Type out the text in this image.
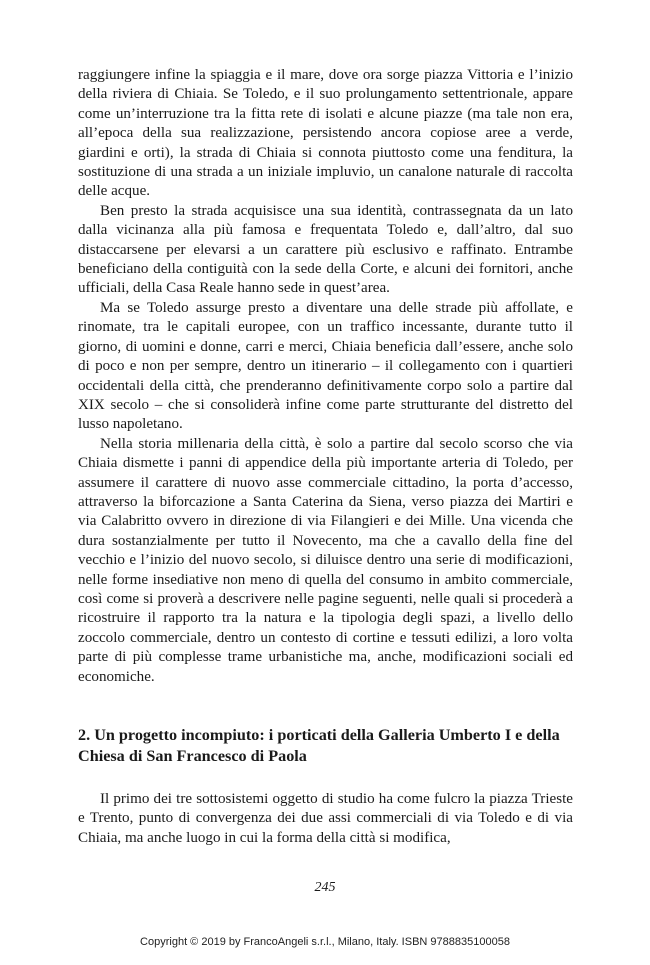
raggiungere infine la spiaggia e il mare, dove ora sorge piazza Vittoria e l’inizio della riviera di Chiaia. Se Toledo, e il suo prolungamento settentrionale, appare come un’interruzione tra la fitta rete di isolati e alcune piazze (ma tale non era, all’epoca della sua realizzazione, persistendo ancora copiose aree a verde, giardini e orti), la strada di Chiaia si connota piuttosto come una fenditura, la sostituzione di una strada a un iniziale impluvio, un canalone naturale di raccolta delle acque.

Ben presto la strada acquisisce una sua identità, contrassegnata da un lato dalla vicinanza alla più famosa e frequentata Toledo e, dall’altro, dal suo distaccarsene per elevarsi a un carattere più esclusivo e raffinato. Entrambe beneficiano della contiguità con la sede della Corte, e alcuni dei fornitori, anche ufficiali, della Casa Reale hanno sede in quest’area.

Ma se Toledo assurge presto a diventare una delle strade più affollate, e rinomate, tra le capitali europee, con un traffico incessante, durante tutto il giorno, di uomini e donne, carri e merci, Chiaia beneficia dall’essere, anche solo di poco e non per sempre, dentro un itinerario – il collegamento con i quartieri occidentali della città, che prenderanno definitivamente corpo solo a partire dal XIX secolo – che si consoliderà infine come parte strutturante del distretto del lusso napoletano.

Nella storia millenaria della città, è solo a partire dal secolo scorso che via Chiaia dismette i panni di appendice della più importante arteria di Toledo, per assumere il carattere di nuovo asse commerciale cittadino, la porta d’accesso, attraverso la biforcazione a Santa Caterina da Siena, verso piazza dei Martiri e via Calabritto ovvero in direzione di via Filangieri e dei Mille. Una vicenda che dura sostanzialmente per tutto il Novecento, ma che a cavallo della fine del vecchio e l’inizio del nuovo secolo, si diluisce dentro una serie di modificazioni, nelle forme insediative non meno di quella del consumo in ambito commerciale, così come si proverà a descrivere nelle pagine seguenti, nelle quali si procederà a ricostruire il rapporto tra la natura e la tipologia degli spazi, a livello dello zoccolo commerciale, dentro un contesto di cortine e tessuti edilizi, a loro volta parte di più complesse trame urbanistiche ma, anche, modificazioni sociali ed economiche.

2. Un progetto incompiuto: i porticati della Galleria Umberto I e della Chiesa di San Francesco di Paola

Il primo dei tre sottosistemi oggetto di studio ha come fulcro la piazza Trieste e Trento, punto di convergenza dei due assi commerciali di via Toledo e di via Chiaia, ma anche luogo in cui la forma della città si modifica,

245
Copyright © 2019 by FrancoAngeli s.r.l., Milano, Italy. ISBN 9788835100058
